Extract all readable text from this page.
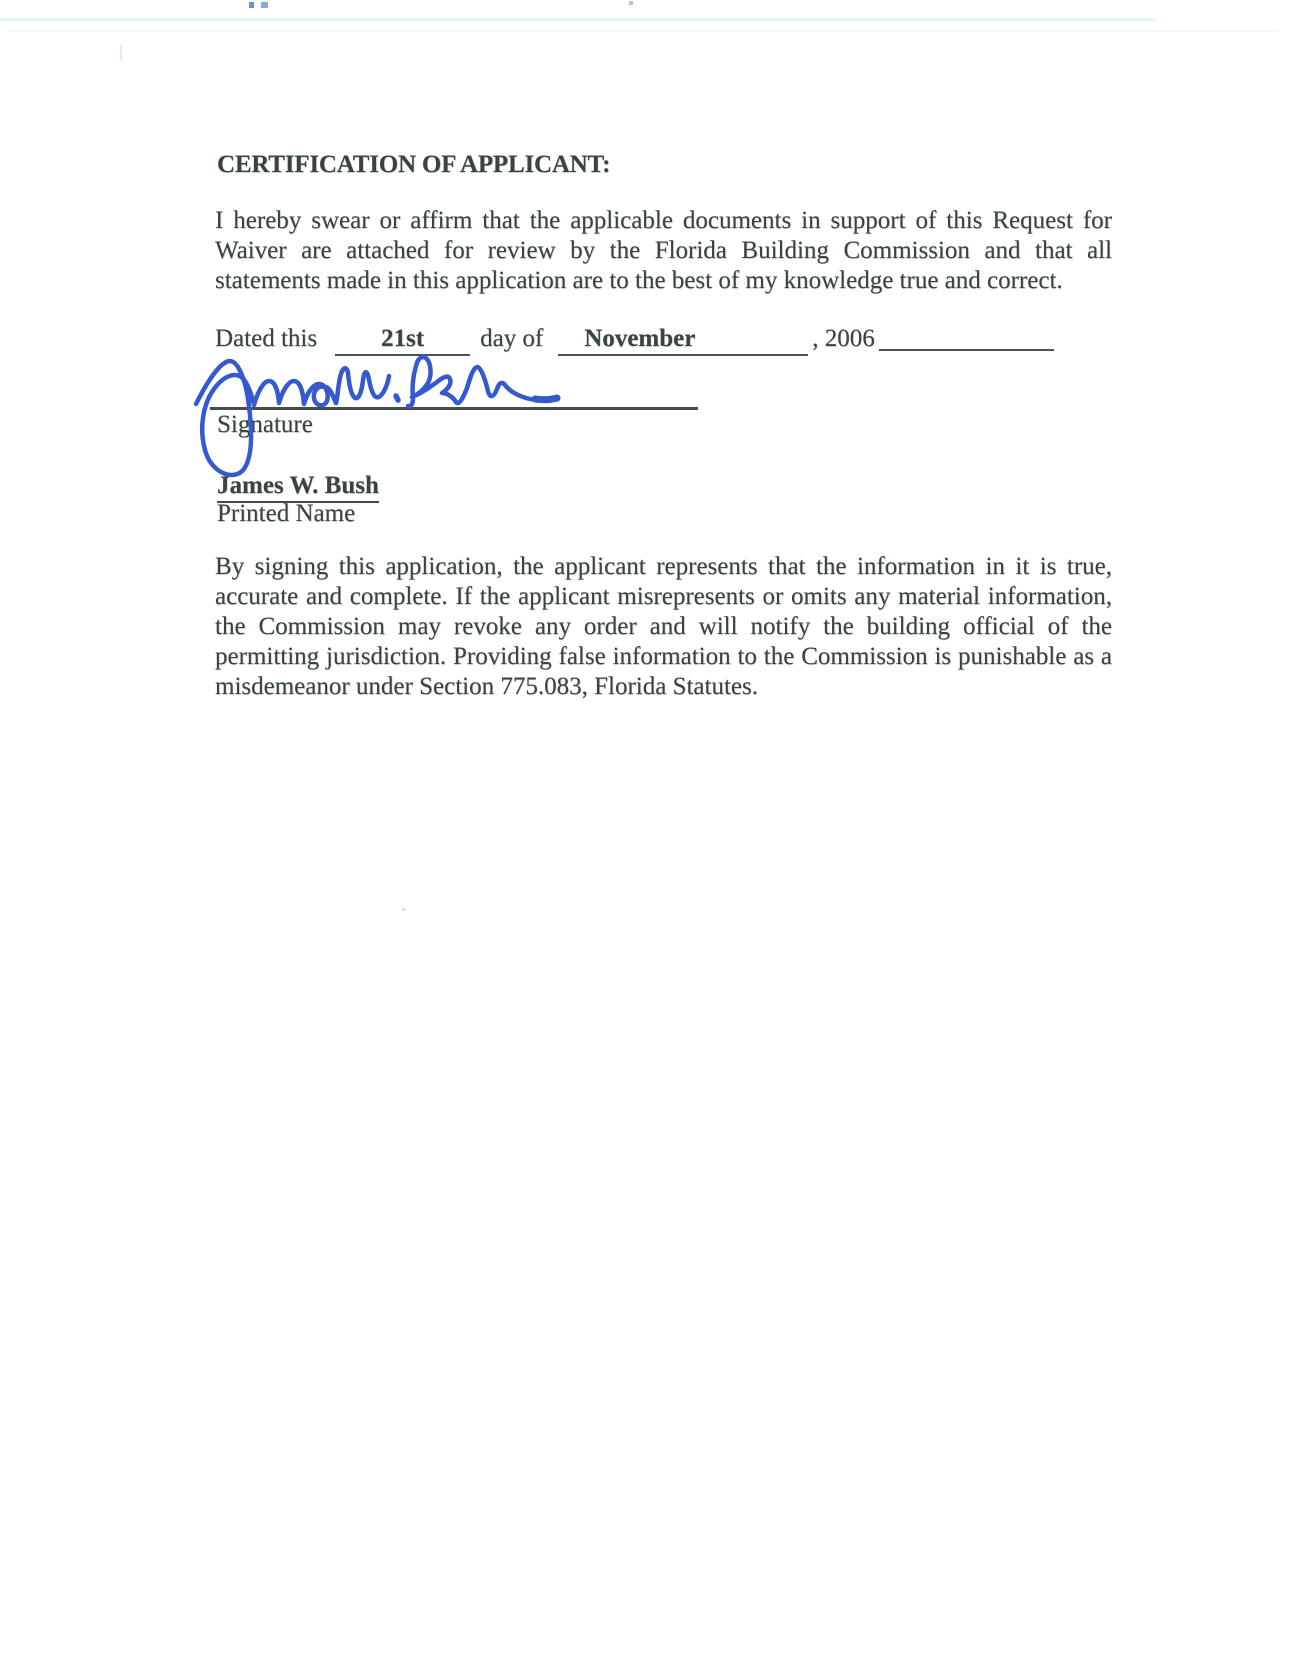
CERTIFICATION OF APPLICANT:
I hereby swear or affirm that the applicable documents in support of this Request for
Waiver are attached for review by the Florida Building Commission and that all
statements made in this application are to the best of my knowledge true and correct.
Dated this	21st day of November	, 2006
Signature
James W. Bush
Printed Name
By signing this application, the applicant represents that the information in it is true,
accurate and complete. If the applicant misrepresents or omits any material information,
the Commission may revoke any order and will notify the building official of the
permitting jurisdiction. Providing false information to the Commission is punishable as a
misdemeanor under Section 775.083, Florida Statutes.
